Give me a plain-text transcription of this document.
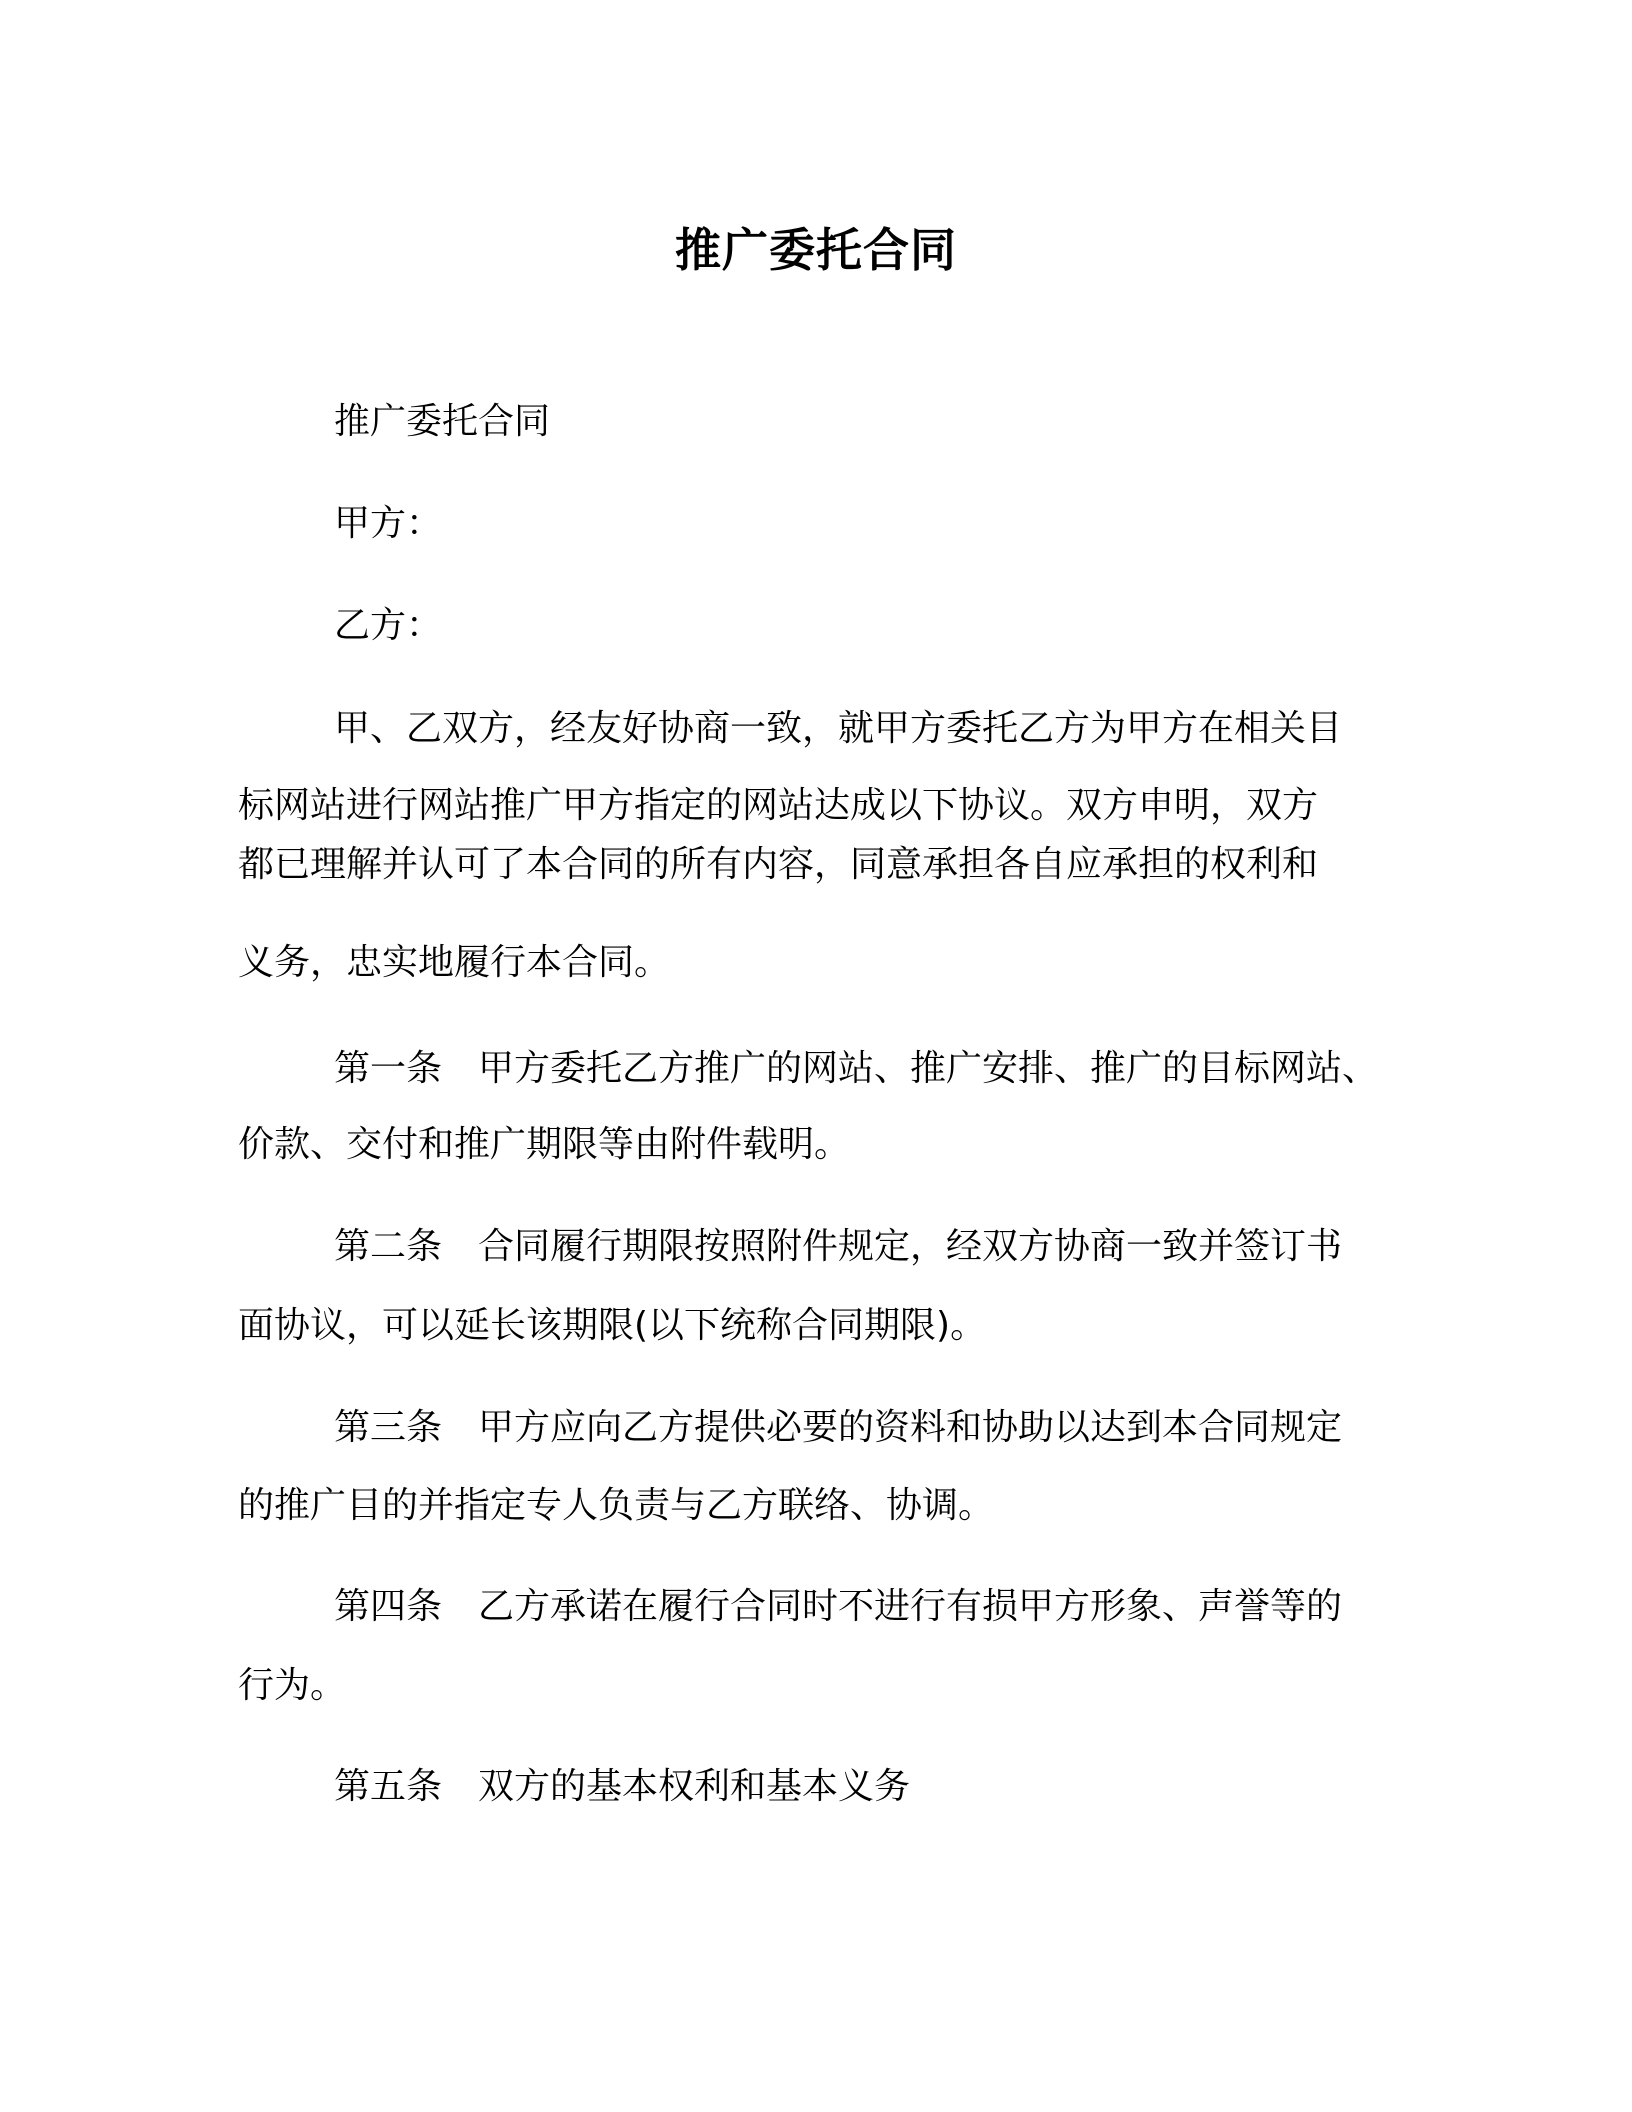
推广委托合同

推广委托合同

甲方：

乙方：

甲、乙双方，经友好协商一致，就甲方委托乙方为甲方在相关目

标网站进行网站推广甲方指定的网站达成以下协议。双方申明，双方

都已理解并认可了本合同的所有内容，同意承担各自应承担的权利和

义务，忠实地履行本合同。

第一条 甲方委托乙方推广的网站、推广安排、推广的目标网站、

价款、交付和推广期限等由附件载明。

第二条 合同履行期限按照附件规定，经双方协商一致并签订书

面协议，可以延长该期限(以下统称合同期限)。

第三条 甲方应向乙方提供必要的资料和协助以达到本合同规定

的推广目的并指定专人负责与乙方联络、协调。

第四条 乙方承诺在履行合同时不进行有损甲方形象、声誉等的

行为。

第五条 双方的基本权利和基本义务
